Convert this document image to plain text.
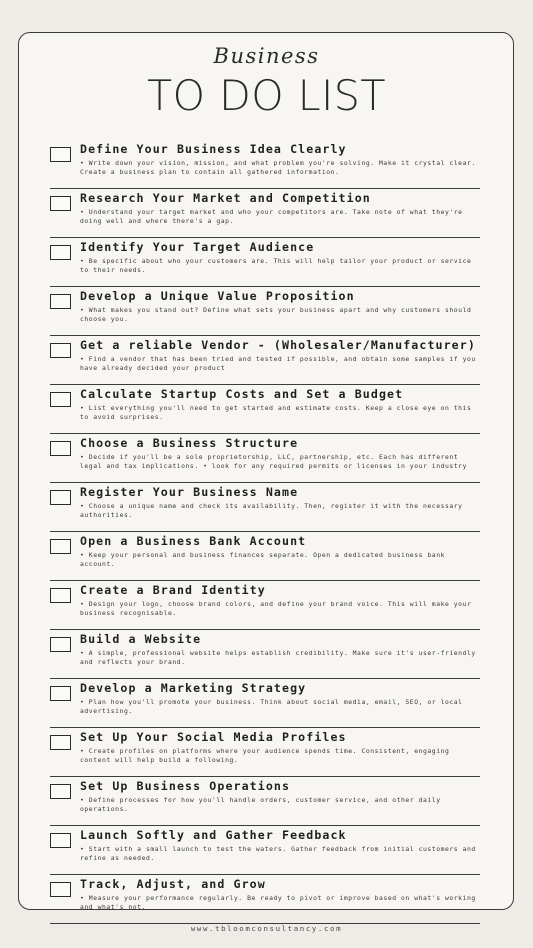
Business
TO DO LIST
Define Your Business Idea Clearly
• Write down your vision, mission, and what problem you're solving. Make it crystal clear. Create a business plan to contain all gathered information.
Research Your Market and Competition
• Understand your target market and who your competitors are. Take note of what they're doing well and where there's a gap.
Identify Your Target Audience
• Be specific about who your customers are. This will help tailor your product or service to their needs.
Develop a Unique Value Proposition
• What makes you stand out? Define what sets your business apart and why customers should choose you.
Get a reliable Vendor - (Wholesaler/Manufacturer)
• Find a vendor that has been tried and tested if possible, and obtain some samples if you have already decided your product
Calculate Startup Costs and Set a Budget
• List everything you'll need to get started and estimate costs. Keep a close eye on this to avoid surprises.
Choose a Business Structure
• Decide if you'll be a sole proprietorship, LLC, partnership, etc. Each has different legal and tax implications. • look for any required permits or licenses in your industry
Register Your Business Name
• Choose a unique name and check its availability. Then, register it with the necessary authorities.
Open a Business Bank Account
• Keep your personal and business finances separate. Open a dedicated business bank account.
Create a Brand Identity
• Design your logo, choose brand colors, and define your brand voice. This will make your business recognisable.
Build a Website
• A simple, professional website helps establish credibility. Make sure it's user-friendly and reflects your brand.
Develop a Marketing Strategy
• Plan how you'll promote your business. Think about social media, email, SEO, or local advertising.
Set Up Your Social Media Profiles
• Create profiles on platforms where your audience spends time. Consistent, engaging content will help build a following.
Set Up Business Operations
• Define processes for how you'll handle orders, customer service, and other daily operations.
Launch Softly and Gather Feedback
• Start with a small launch to test the waters. Gather feedback from initial customers and refine as needed.
Track, Adjust, and Grow
• Measure your performance regularly. Be ready to pivot or improve based on what's working and what's not.
www.tbloomconsultancy.com
